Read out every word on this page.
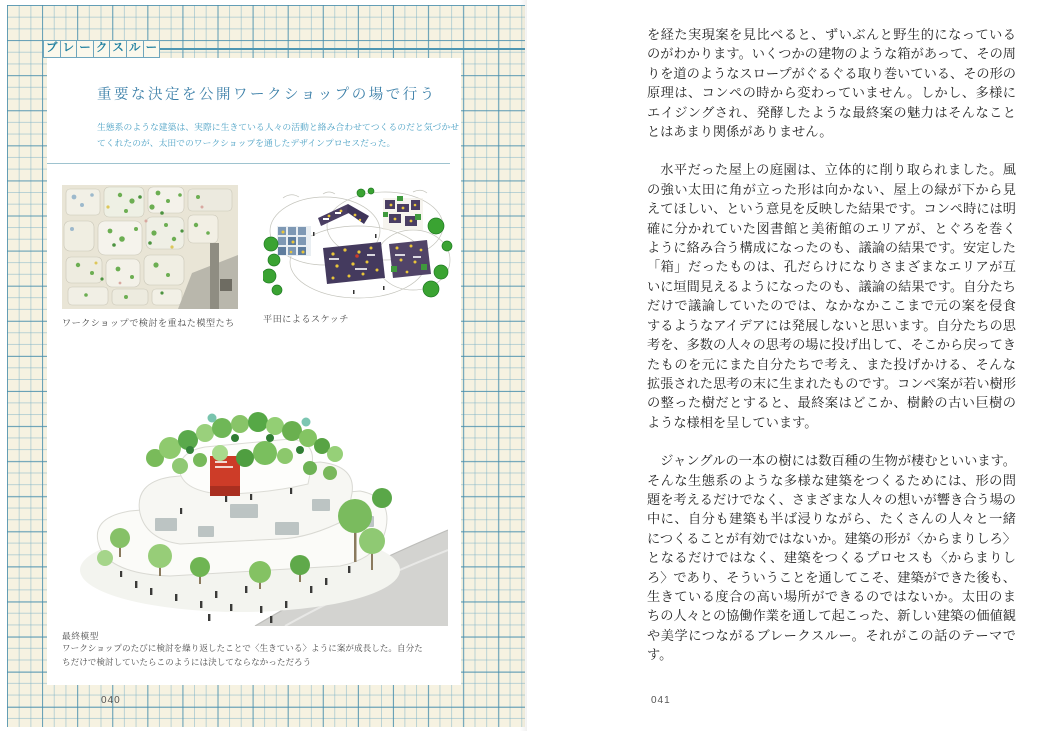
ブ レ ー ク ス ル ー
重要な決定を公開ワークショップの場で行う
生態系のような建築は、実際に生きている人々の活動と絡み合わせてつくるのだと気づかせてくれたのが、太田でのワークショップを通したデザインプロセスだった。
ワークショップで検討を重ねた模型たち	平田によるスケッチ
最終模型
ワークショップのたびに検討を繰り返したことで〈生きている〉ように案が成長した。自分たちだけで検討していたらこのようには決してならなかっただろう
040

を経た実現案を見比べると、ずいぶんと野生的になっているのがわかります。いくつかの建物のような箱があって、その周りを道のようなスロープがぐるぐる取り巻いている、その形の原理は、コンペの時から変わっていません。しかし、多様にエイジングされ、発酵したような最終案の魅力はそんなこととはあまり関係がありません。

水平だった屋上の庭園は、立体的に削り取られました。風の強い太田に角が立った形は向かない、屋上の緑が下から見えてほしい、という意見を反映した結果です。コンペ時には明確に分かれていた図書館と美術館のエリアが、とぐろを巻くように絡み合う構成になったのも、議論の結果です。安定した「箱」だったものは、孔だらけになりさまざまなエリアが互いに垣間見えるようになったのも、議論の結果です。自分たちだけで議論していたのでは、なかなかここまで元の案を侵食するようなアイデアには発展しないと思います。自分たちの思考を、多数の人々の思考の場に投げ出して、そこから戻ってきたものを元にまた自分たちで考え、また投げかける、そんな拡張された思考の末に生まれたものです。コンペ案が若い樹形の整った樹だとすると、最終案はどこか、樹齢の古い巨樹のような様相を呈しています。

ジャングルの一本の樹には数百種の生物が棲むといいます。そんな生態系のような多様な建築をつくるためには、形の問題を考えるだけでなく、さまざまな人々の想いが響き合う場の中に、自分も建築も半ば浸りながら、たくさんの人々と一緒につくることが有効ではないか。建築の形が〈からまりしろ〉となるだけではなく、建築をつくるプロセスも〈からまりしろ〉であり、そういうことを通してこそ、建築ができた後も、生きている度合の高い場所ができるのではないか。太田のまちの人々との協働作業を通して起こった、新しい建築の価値観や美学につながるブレークスルー。それがこの話のテーマです。

041
